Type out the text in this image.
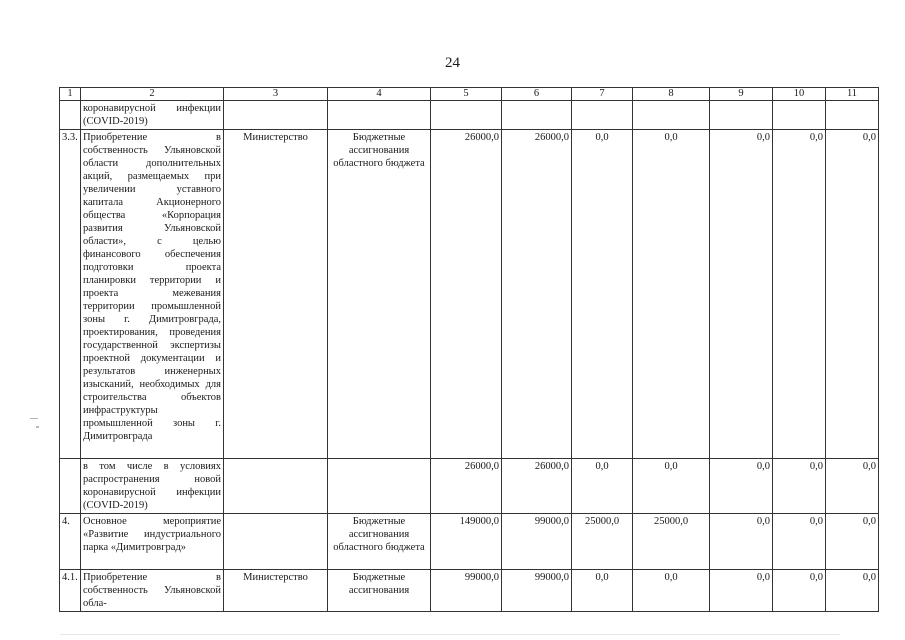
24
1	2	3	4	5	6	7	8	9	10	11
	коронавирусной инфекции (COVID-2019)									
3.3.	Приобретение в собственность Ульяновской области дополнительных акций, размещаемых при увеличении уставного капитала Акционерного общества «Корпорация развития Ульяновской области», с целью финансового обеспечения подготовки проекта планировки территории и проекта межевания территории промышленной зоны г. Димитровграда, проектирования, проведения государственной экспертизы проектной документации и результатов инженерных изысканий, необходимых для строительства объектов инфраструктуры промышленной зоны г. Димитровграда	Министерство	Бюджетные ассигнования областного бюджета	26000,0	26000,0	0,0	0,0	0,0	0,0	0,0
	в том числе в условиях распространения новой коронавирусной инфекции (COVID-2019)			26000,0	26000,0	0,0	0,0	0,0	0,0	0,0
4.	Основное мероприятие «Развитие индустриального парка «Димитровград»		Бюджетные ассигнования областного бюджета	149000,0	99000,0	25000,0	25000,0	0,0	0,0	0,0
4.1.	Приобретение в собственность Ульяновской обла-	Министерство	Бюджетные ассигнования	99000,0	99000,0	0,0	0,0	0,0	0,0	0,0
